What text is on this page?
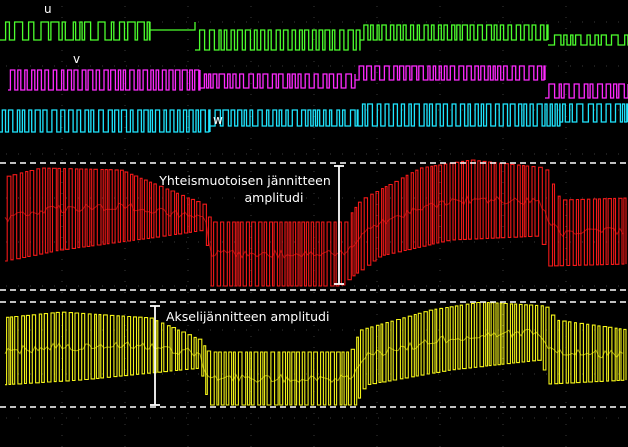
u
v
w
Yhteismuotoisen jännitteen
amplitudi
Akselijännitteen amplitudi
